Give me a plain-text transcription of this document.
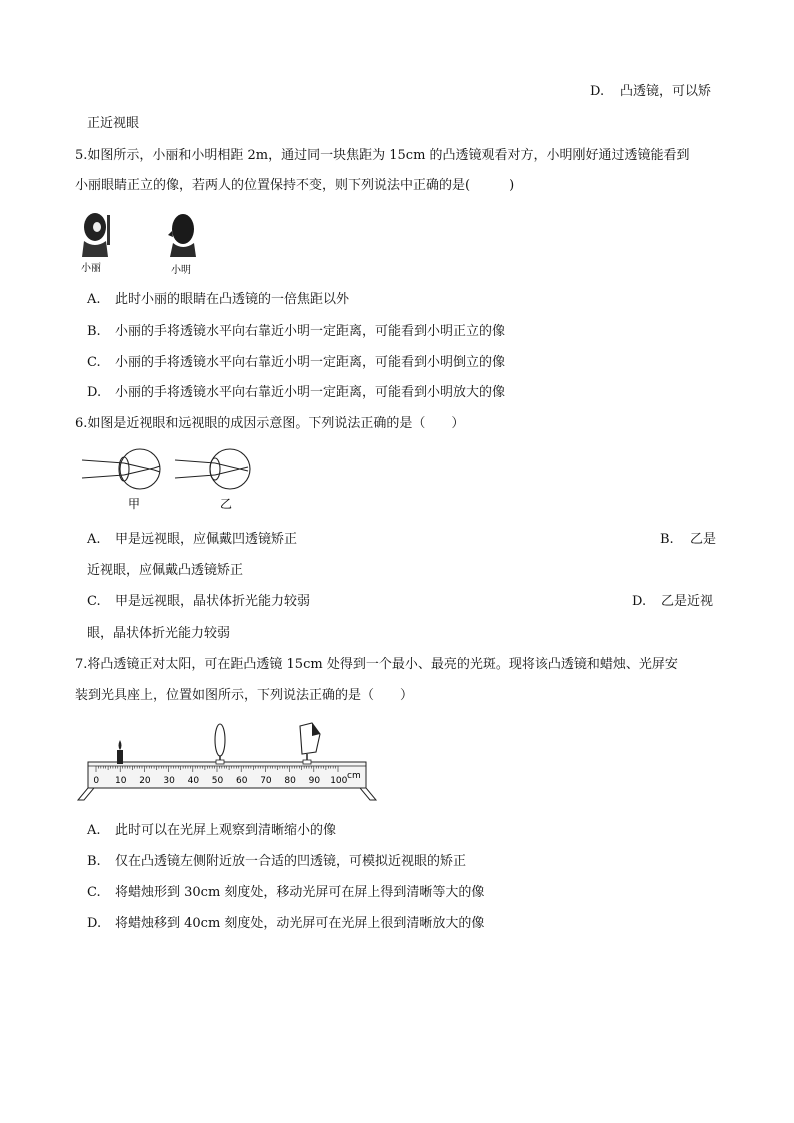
D. 凸透镜，可以矫
正近视眼
5.如图所示，小丽和小明相距 2m，通过同一块焦距为 15cm 的凸透镜观看对方，小明刚好通过透镜能看到
小丽眼睛正立的像，若两人的位置保持不变，则下列说法中正确的是(　　　)
小丽	小明
A. 此时小丽的眼睛在凸透镜的一倍焦距以外
B. 小丽的手将透镜水平向右靠近小明一定距离，可能看到小明正立的像
C. 小丽的手将透镜水平向右靠近小明一定距离，可能看到小明倒立的像
D. 小丽的手将透镜水平向右靠近小明一定距离，可能看到小明放大的像
6.如图是近视眼和远视眼的成因示意图。下列说法正确的是（　　）
甲	乙
A. 甲是远视眼，应佩戴凹透镜矫正	B. 乙是
近视眼，应佩戴凸透镜矫正
C. 甲是远视眼，晶状体折光能力较弱	D. 乙是近视
眼，晶状体折光能力较弱
7.将凸透镜正对太阳，可在距凸透镜 15cm 处得到一个最小、最亮的光斑。现将该凸透镜和蜡烛、光屏安
装到光具座上，位置如图所示，下列说法正确的是（　　）
0 10 20 30 40 50 60 70 80 90 100 cm
A. 此时可以在光屏上观察到清晰缩小的像
B. 仅在凸透镜左侧附近放一合适的凹透镜，可模拟近视眼的矫正
C. 将蜡烛形到 30cm 刻度处，移动光屏可在屏上得到清晰等大的像
D. 将蜡烛移到 40cm 刻度处，动光屏可在光屏上很到清晰放大的像
